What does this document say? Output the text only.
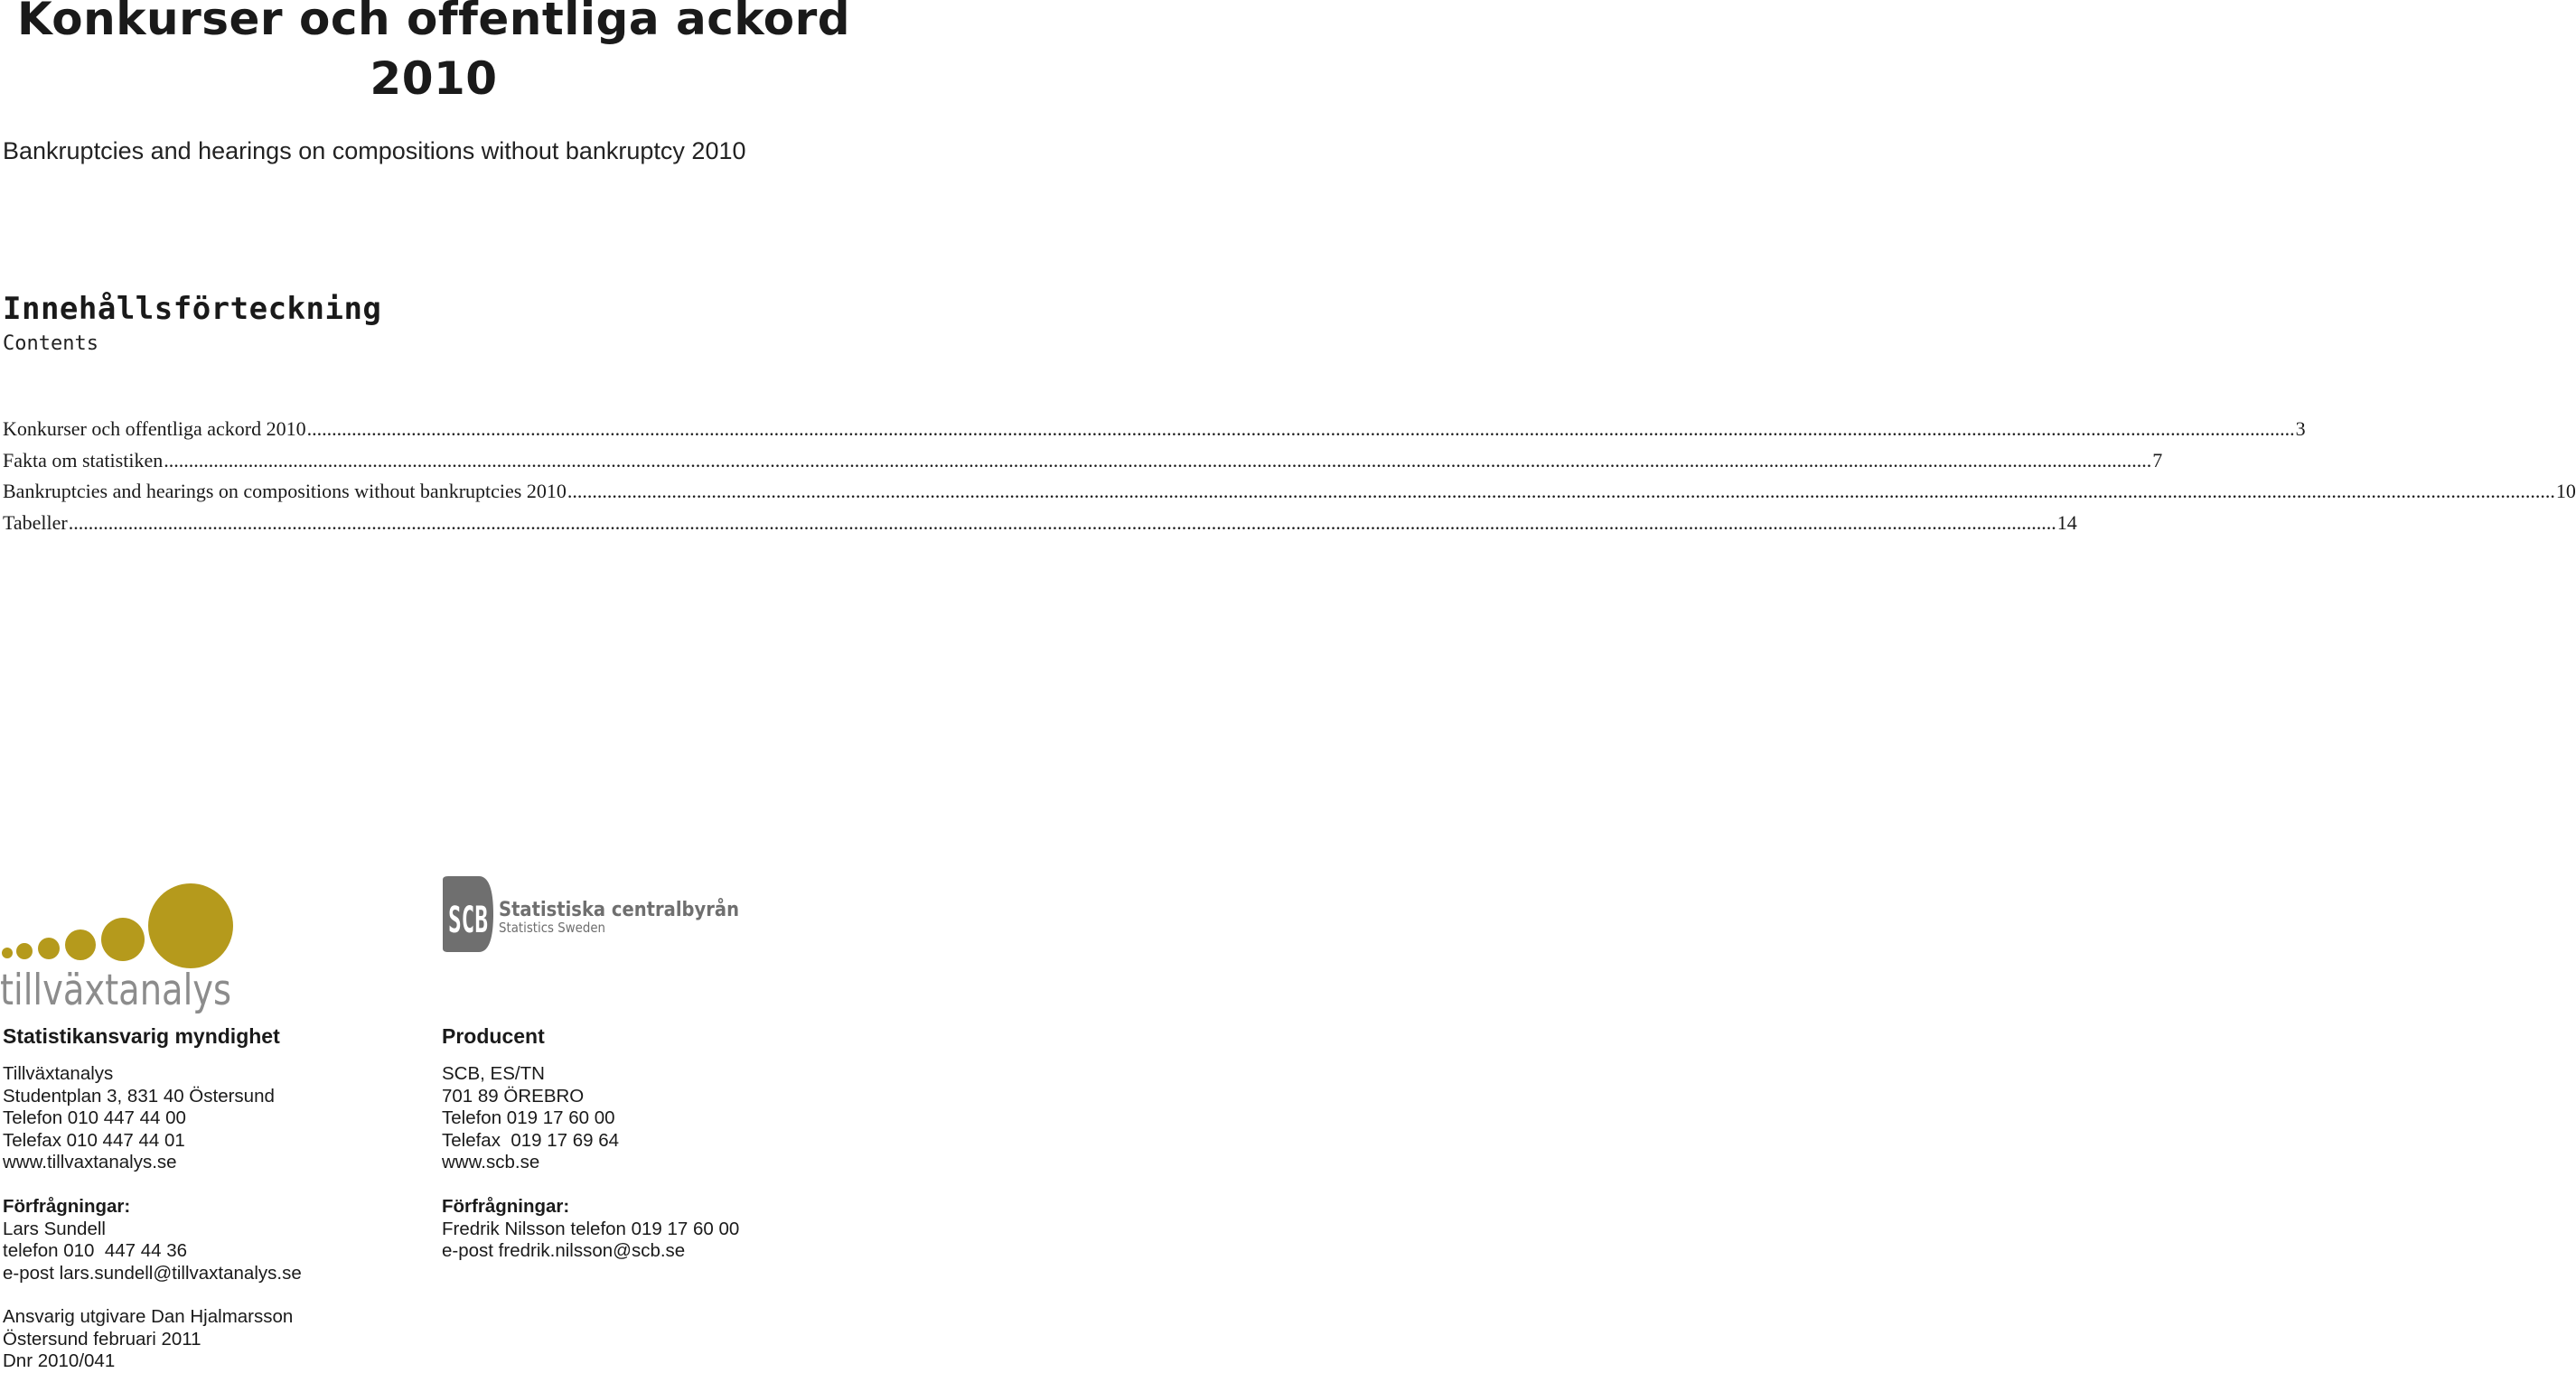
Konkurser och offentliga ackord
2010
Bankruptcies and hearings on compositions without bankruptcy 2010
Innehållsförteckning
Contents
Konkurser och offentliga ackord 2010 ................................................................................................................................................................................................................................................................................................................................................................................................................ 3
Fakta om statistiken ................................................................................................................................................................................................................................................................................................................................................................................................................ 7
Bankruptcies and hearings on compositions without bankruptcies 2010 ................................................................................................................................................................................................................................................................................................................................................................................................................ 10
Tabeller ................................................................................................................................................................................................................................................................................................................................................................................................................ 14
tillväxtanalys
SCB Statistiska centralbyrån
Statistics Sweden
Statistikansvarig myndighet
Tillväxtanalys
Studentplan 3, 831 40 Östersund
Telefon 010 447 44 00
Telefax 010 447 44 01
www.tillvaxtanalys.se
Förfrågningar:
Lars Sundell
telefon 010  447 44 36
e-post lars.sundell@tillvaxtanalys.se
Producent
SCB, ES/TN
701 89 ÖREBRO
Telefon 019 17 60 00
Telefax  019 17 69 64
www.scb.se
Förfrågningar:
Fredrik Nilsson telefon 019 17 60 00
e-post fredrik.nilsson@scb.se
Ansvarig utgivare Dan Hjalmarsson
Östersund februari 2011
Dnr 2010/041
